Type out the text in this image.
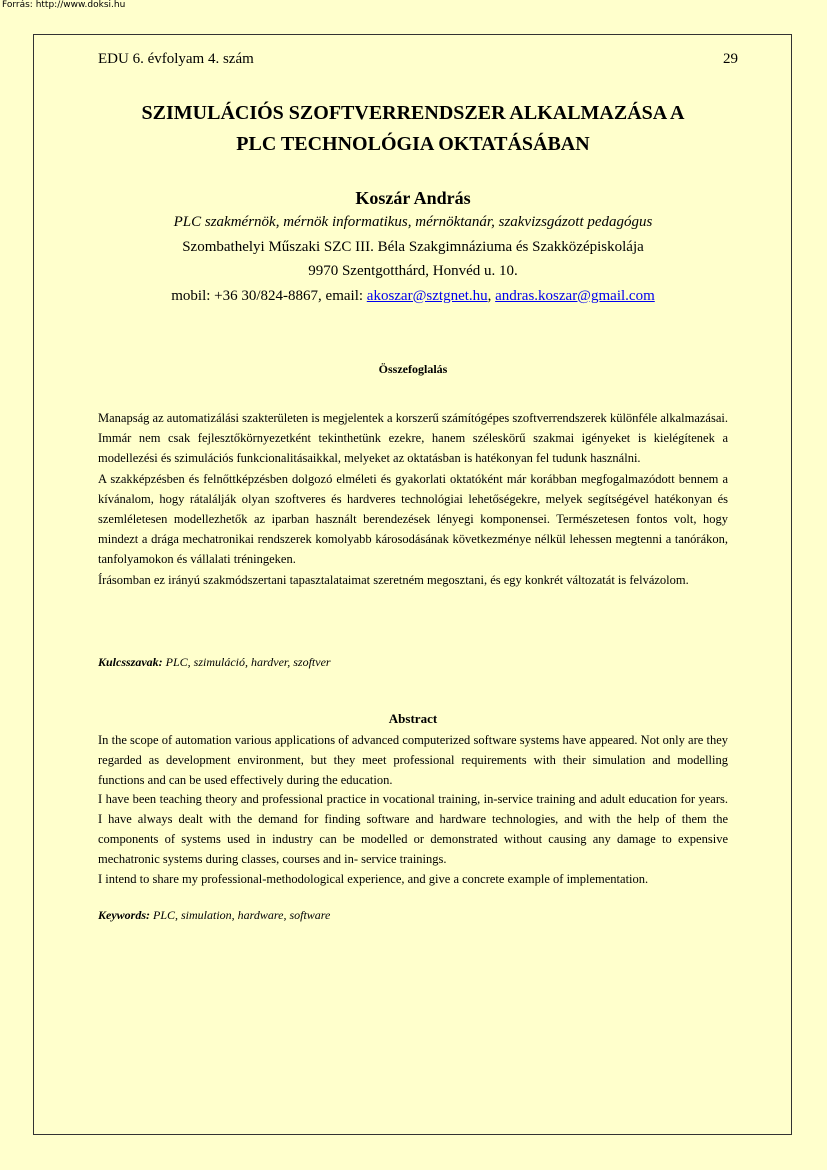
Forrás: http://www.doksi.hu
EDU 6. évfolyam 4. szám	29
SZIMULÁCIÓS SZOFTVERRENDSZER ALKALMAZÁSA A
PLC TECHNOLÓGIA OKTATÁSÁBAN
Koszár András
PLC szakmérnök, mérnök informatikus, mérnöktanár, szakvizsgázott pedagógus
Szombathelyi Műszaki SZC III. Béla Szakgimnáziuma és Szakközépiskolája
9970 Szentgotthárd, Honvéd u. 10.
mobil: +36 30/824-8867, email: akoszar@sztgnet.hu, andras.koszar@gmail.com
Összefoglalás

Manapság az automatizálási szakterületen is megjelentek a korszerű számítógépes szoftverrendszerek különféle alkalmazásai. Immár nem csak fejlesztőkörnyezetként tekinthetünk ezekre, hanem széleskörű szakmai igényeket is kielégítenek a modellezési és szimulációs funkcionalitásaikkal, melyeket az oktatásban is hatékonyan fel tudunk használni.

A szakképzésben és felnőttképzésben dolgozó elméleti és gyakorlati oktatóként már korábban megfogalmazódott bennem a kívánalom, hogy rátalálják olyan szoftveres és hardveres technológiai lehetőségekre, melyek segítségével hatékonyan és szemléletesen modellezhetők az iparban használt berendezések lényegi komponensei. Természetesen fontos volt, hogy mindezt a drága mechatronikai rendszerek komolyabb károsodásának következménye nélkül lehessen megtenni a tanórákon, tanfolyamokon és vállalati tréningeken.

Írásomban ez irányú szakmódszertani tapasztalataimat szeretném megosztani, és egy konkrét változatát is felvázolom.

Kulcsszavak: PLC, szimuláció, hardver, szoftver
Abstract

In the scope of automation various applications of advanced computerized software systems have appeared. Not only are they regarded as development environment, but they meet professional requirements with their simulation and modelling functions and can be used effectively during the education.

I have been teaching theory and professional practice in vocational training, in-service training and adult education for years. I have always dealt with the demand for finding software and hardware technologies, and with the help of them the components of systems used in industry can be modelled or demonstrated without causing any damage to expensive mechatronic systems during classes, courses and in- service trainings.

I intend to share my professional-methodological experience, and give a concrete example of implementation.

Keywords: PLC, simulation, hardware, software
